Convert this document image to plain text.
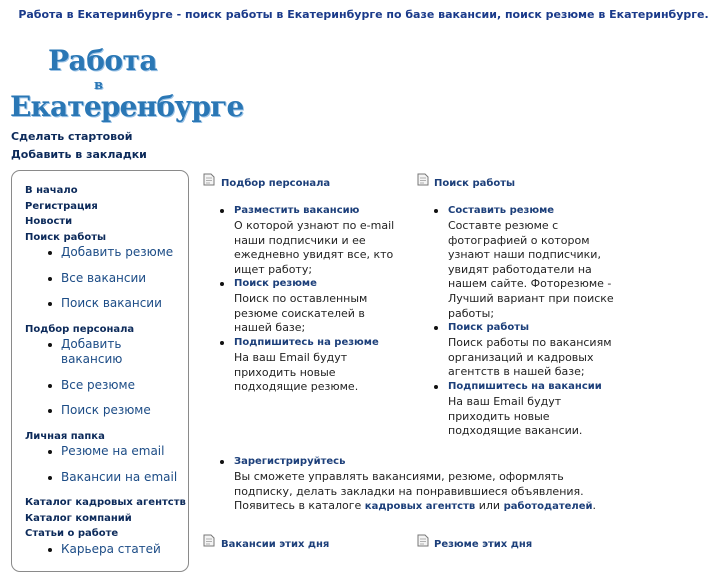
Работа в Екатеринбурге - поиск работы в Екатеринбурге по базе вакансии, поиск резюме в Екатеринбурге.
Работа
в
Екатеренбурге
Сделать стартовой
Добавить в закладки
В начало
Регистрация
Новости
Поиск работы
Добавить резюме
Все вакансии
Поиск вакансии
Подбор персонала
Добавить вакансию
Все резюме
Поиск резюме
Личная папка
Резюме на email
Вакансии на email
Каталог кадровых агентств
Каталог компаний
Статьи о работе
Карьера статей
Подбор персонала
Разместить вакансию
О которой узнают по e-mail наши подписчики и ее ежедневно увидят все, кто ищет работу;
Поиск резюме
Поиск по оставленным резюме соискателей в нашей базе;
Подпишитесь на резюме
На ваш Email будут приходить новые подходящие резюме.
Поиск работы
Составить резюме
Составте резюме с фотографией о котором узнают наши подписчики, увидят работодатели на нашем сайте. Фоторезюме - Лучший вариант при поиске работы;
Поиск работы
Поиск работы по вакансиям организаций и кадровых агентств в нашей базе;
Подпишитесь на вакансии
На ваш Email будут приходить новые подходящие вакансии.
Зарегистрируйтесь
Вы сможете управлять вакансиями, резюме, оформлять подписку, делать закладки на понравившиеся объявления. Появитесь в каталоге кадровых агентств или работодателей.
Вакансии этих дня	Резюме этих дня
